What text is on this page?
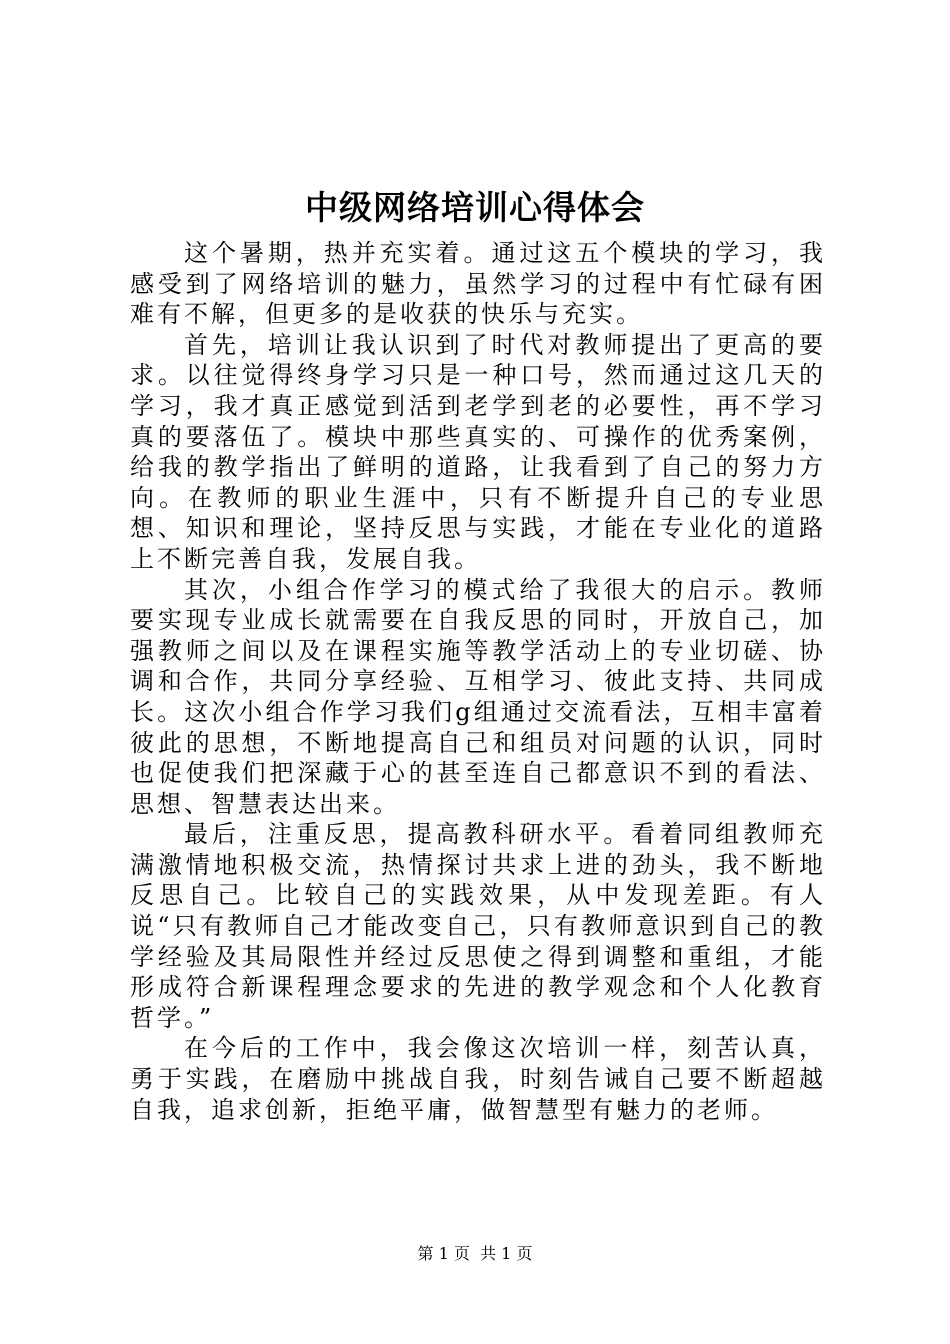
中级网络培训心得体会

这个暑期，热并充实着。通过这五个模块的学习，我感受到了网络培训的魅力，虽然学习的过程中有忙碌有困难有不解，但更多的是收获的快乐与充实。

首先，培训让我认识到了时代对教师提出了更高的要求。以往觉得终身学习只是一种口号，然而通过这几天的学习，我才真正感觉到活到老学到老的必要性，再不学习真的要落伍了。模块中那些真实的、可操作的优秀案例，给我的教学指出了鲜明的道路，让我看到了自己的努力方向。在教师的职业生涯中，只有不断提升自己的专业思想、知识和理论，坚持反思与实践，才能在专业化的道路上不断完善自我，发展自我。

其次，小组合作学习的模式给了我很大的启示。教师要实现专业成长就需要在自我反思的同时，开放自己，加强教师之间以及在课程实施等教学活动上的专业切磋、协调和合作，共同分享经验、互相学习、彼此支持、共同成长。这次小组合作学习我们g组通过交流看法，互相丰富着彼此的思想，不断地提高自己和组员对问题的认识，同时也促使我们把深藏于心的甚至连自己都意识不到的看法、思想、智慧表达出来。

最后，注重反思，提高教科研水平。看着同组教师充满激情地积极交流，热情探讨共求上进的劲头，我不断地反思自己。比较自己的实践效果，从中发现差距。有人说“只有教师自己才能改变自己，只有教师意识到自己的教学经验及其局限性并经过反思使之得到调整和重组，才能形成符合新课程理念要求的先进的教学观念和个人化教育哲学。”

在今后的工作中，我会像这次培训一样，刻苦认真，勇于实践，在磨励中挑战自我，时刻告诫自己要不断超越自我，追求创新，拒绝平庸，做智慧型有魅力的老师。

第 1 页  共 1 页
